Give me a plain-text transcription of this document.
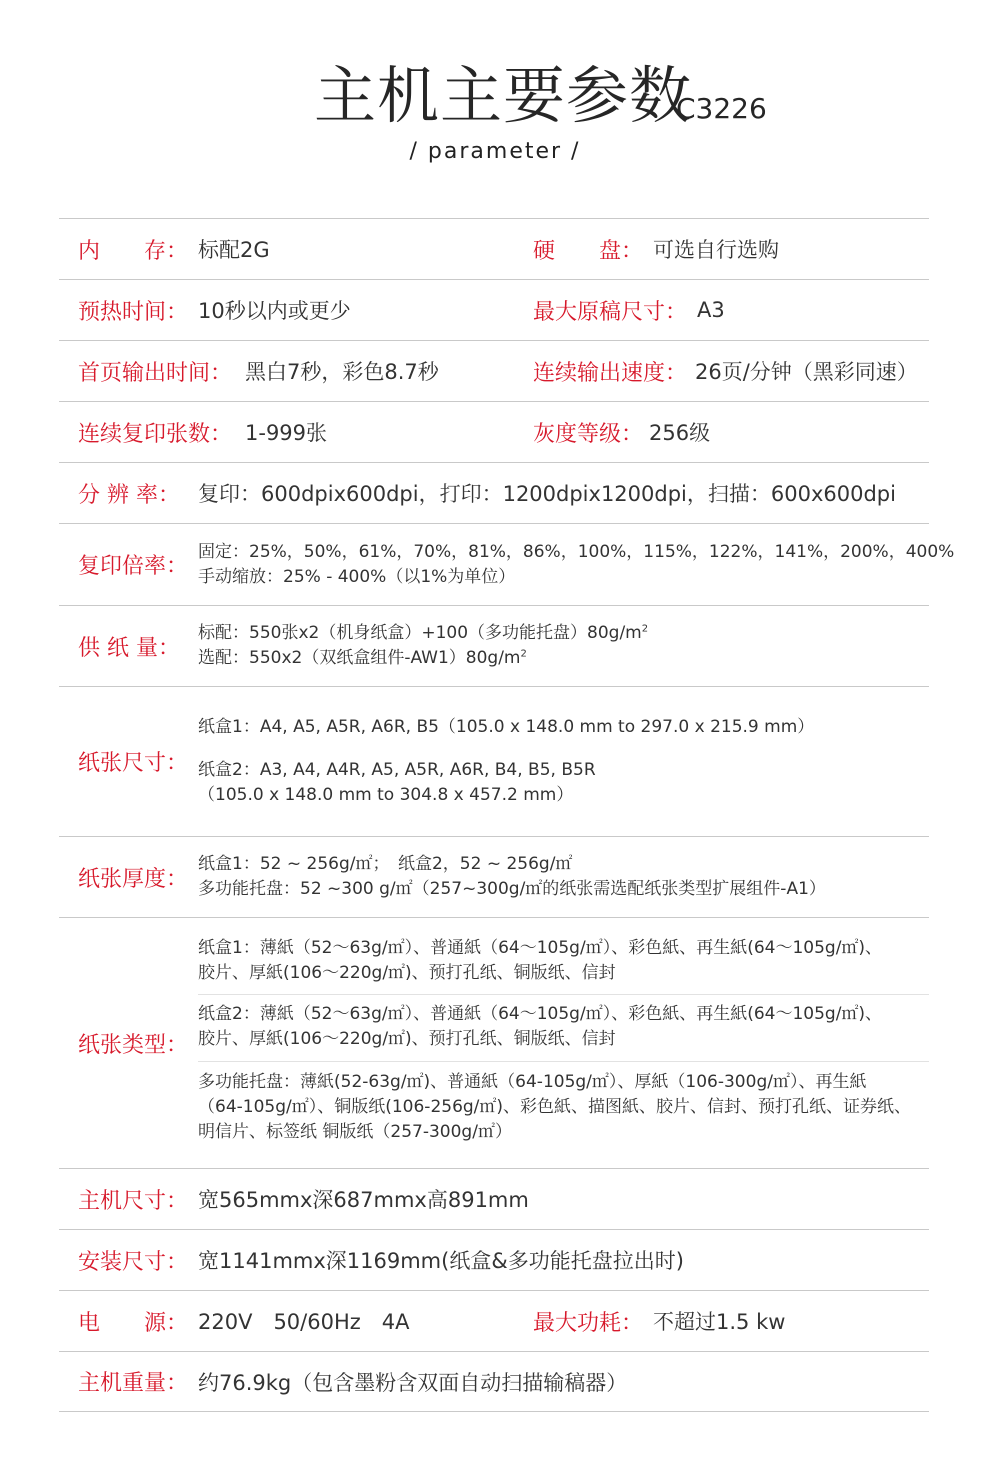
主机主要参数
C3226
/ parameter /
内　　存： 标配2G	硬　　盘： 可选自行选购
预热时间： 10秒以内或更少	最大原稿尺寸： A3
首页输出时间： 黑白7秒，彩色8.7秒	连续输出速度： 26页/分钟（黑彩同速）
连续复印张数： 1-999张	灰度等级： 256级
分 辨 率： 复印：600dpix600dpi，打印：1200dpix1200dpi，扫描：600x600dpi
复印倍率：
固定：25%，50%，61%，70%，81%，86%，100%，115%，122%，141%，200%，400%
手动缩放：25% - 400%（以1%为单位）
供 纸 量：
标配：550张x2（机身纸盒）+100（多功能托盘）$80g/m^2$
选配：550x2（双纸盒组件$-AW1)80g/m^2$
纸张尺寸：
纸盒1：A4, A5, A5R, A6R, B5（105.0 x 148.0 mm to 297.0 x 215.9 mm）
纸盒2：A3, A4, A4R, A5, A5R, A6R, B4, B5, B5R
（105.0 x 148.0 mm to 304.8 x 457.2 mm）
纸张厚度：
纸盒1：52 ~ 256g/㎡；　纸盒2，52 ~ 256g/㎡
多功能托盘：52 ~300 g/㎡（257~300g/㎡的纸张需选配纸张类型扩展组件-A1）
纸张类型：
纸盒1：薄紙（52～63g/㎡）、普通紙（64～105g/㎡）、彩色紙、再生紙(64～105g/㎡)、
胶片、厚紙(106～220g/㎡)、预打孔纸、铜版纸、信封
纸盒2：薄紙（52～63g/㎡）、普通紙（64～105g/㎡）、彩色紙、再生紙(64～105g/㎡)、
胶片、厚紙(106～220g/㎡)、预打孔纸、铜版纸、信封
多功能托盘：薄紙(52-63g/㎡)、普通紙（64-105g/㎡）、厚紙（106-300g/㎡）、再生紙
（64-105g/㎡）、铜版纸(106-256g/㎡)、彩色紙、描图紙、胶片、信封、预打孔纸、证券纸、
明信片、标签纸 铜版纸（257-300g/㎡）
主机尺寸： 宽565mmx深687mmx高891mm
安装尺寸： 宽1141mmx深1169mm(纸盒&多功能托盘拉出时)
电　　源： 220V　50/60Hz　4A	最大功耗： 不超过1.5 kw
主机重量： 约76.9kg（包含墨粉含双面自动扫描输稿器）
